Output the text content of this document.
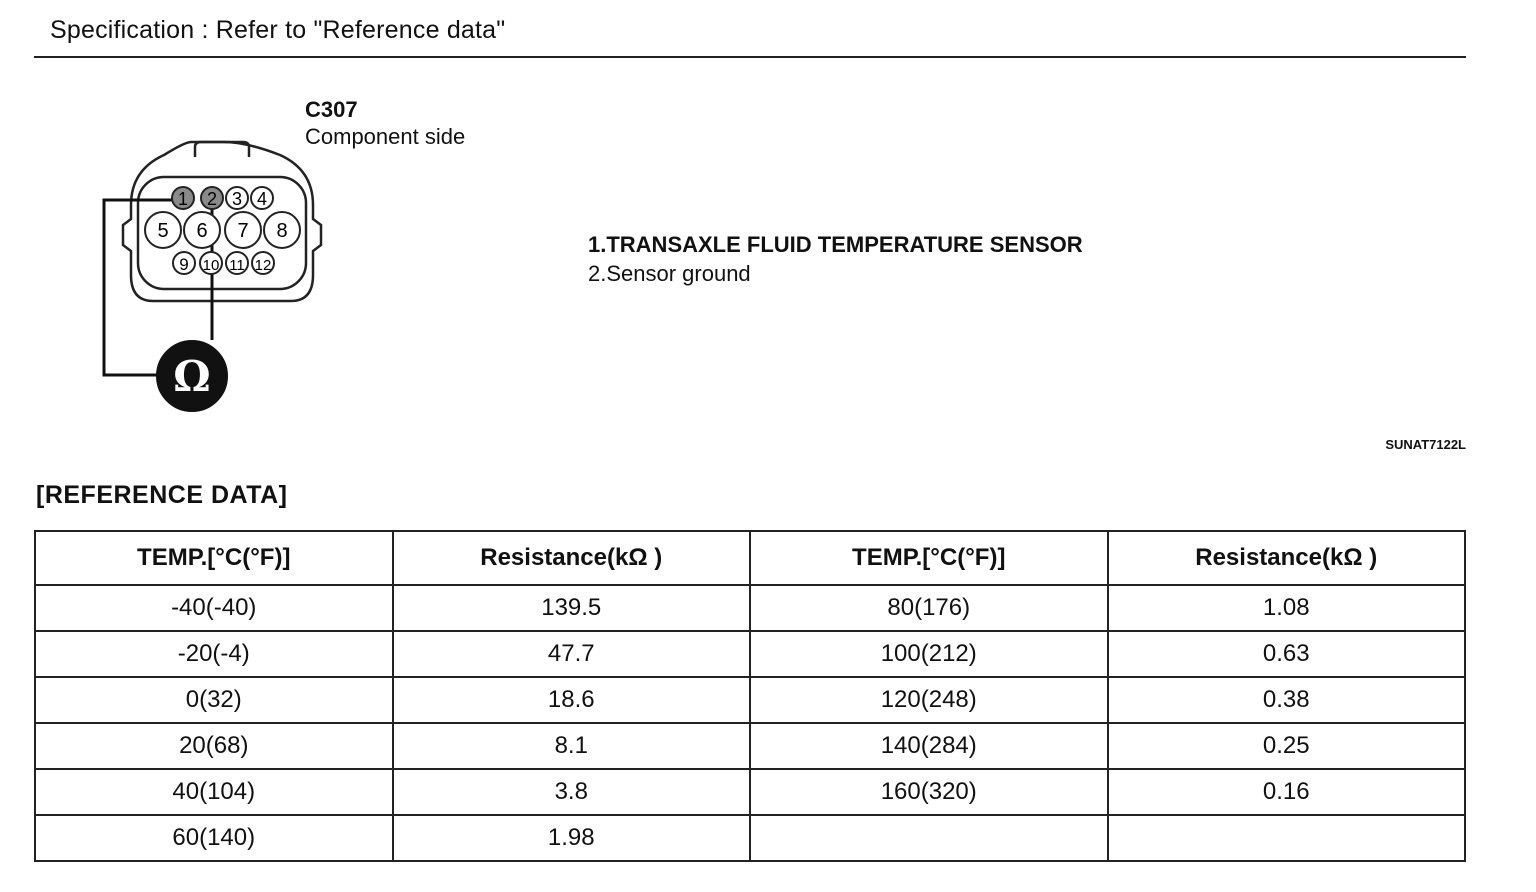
Specification : Refer to "Reference data"
C307
Component side
1 2 3 4
5 6 7 8
9 10 11 12
Ω
1.TRANSAXLE FLUID TEMPERATURE SENSOR
2.Sensor ground
SUNAT7122L
[REFERENCE DATA]
TEMP.[°C(°F)]	Resistance(kΩ )	TEMP.[°C(°F)]	Resistance(kΩ )
-40(-40)	139.5	80(176)	1.08
-20(-4)	47.7	100(212)	0.63
0(32)	18.6	120(248)	0.38
20(68)	8.1	140(284)	0.25
40(104)	3.8	160(320)	0.16
60(140)	1.98		
